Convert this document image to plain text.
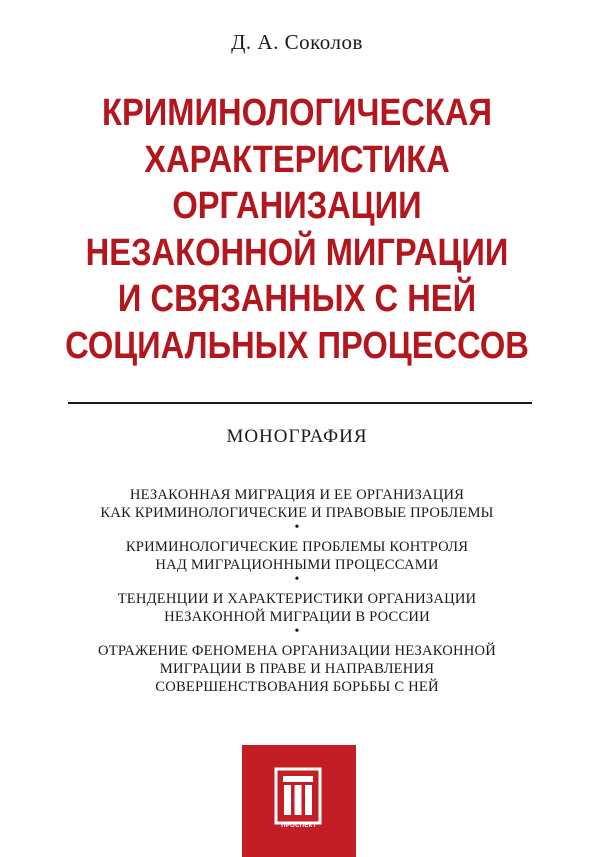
Д. А. Соколов
КРИМИНОЛОГИЧЕСКАЯ
ХАРАКТЕРИСТИКА
ОРГАНИЗАЦИИ
НЕЗАКОННОЙ МИГРАЦИИ
И СВЯЗАННЫХ С НЕЙ
СОЦИАЛЬНЫХ ПРОЦЕССОВ
МОНОГРАФИЯ
НЕЗАКОННАЯ МИГРАЦИЯ И ЕЕ ОРГАНИЗАЦИЯ
КАК КРИМИНОЛОГИЧЕСКИЕ И ПРАВОВЫЕ ПРОБЛЕМЫ
•
КРИМИНОЛОГИЧЕСКИЕ ПРОБЛЕМЫ КОНТРОЛЯ
НАД МИГРАЦИОННЫМИ ПРОЦЕССАМИ
•
ТЕНДЕНЦИИ И ХАРАКТЕРИСТИКИ ОРГАНИЗАЦИИ
НЕЗАКОННОЙ МИГРАЦИИ В РОССИИ
•
ОТРАЖЕНИЕ ФЕНОМЕНА ОРГАНИЗАЦИИ НЕЗАКОННОЙ
МИГРАЦИИ В ПРАВЕ И НАПРАВЛЕНИЯ
СОВЕРШЕНСТВОВАНИЯ БОРЬБЫ С НЕЙ
ПРОСПЕКТ
